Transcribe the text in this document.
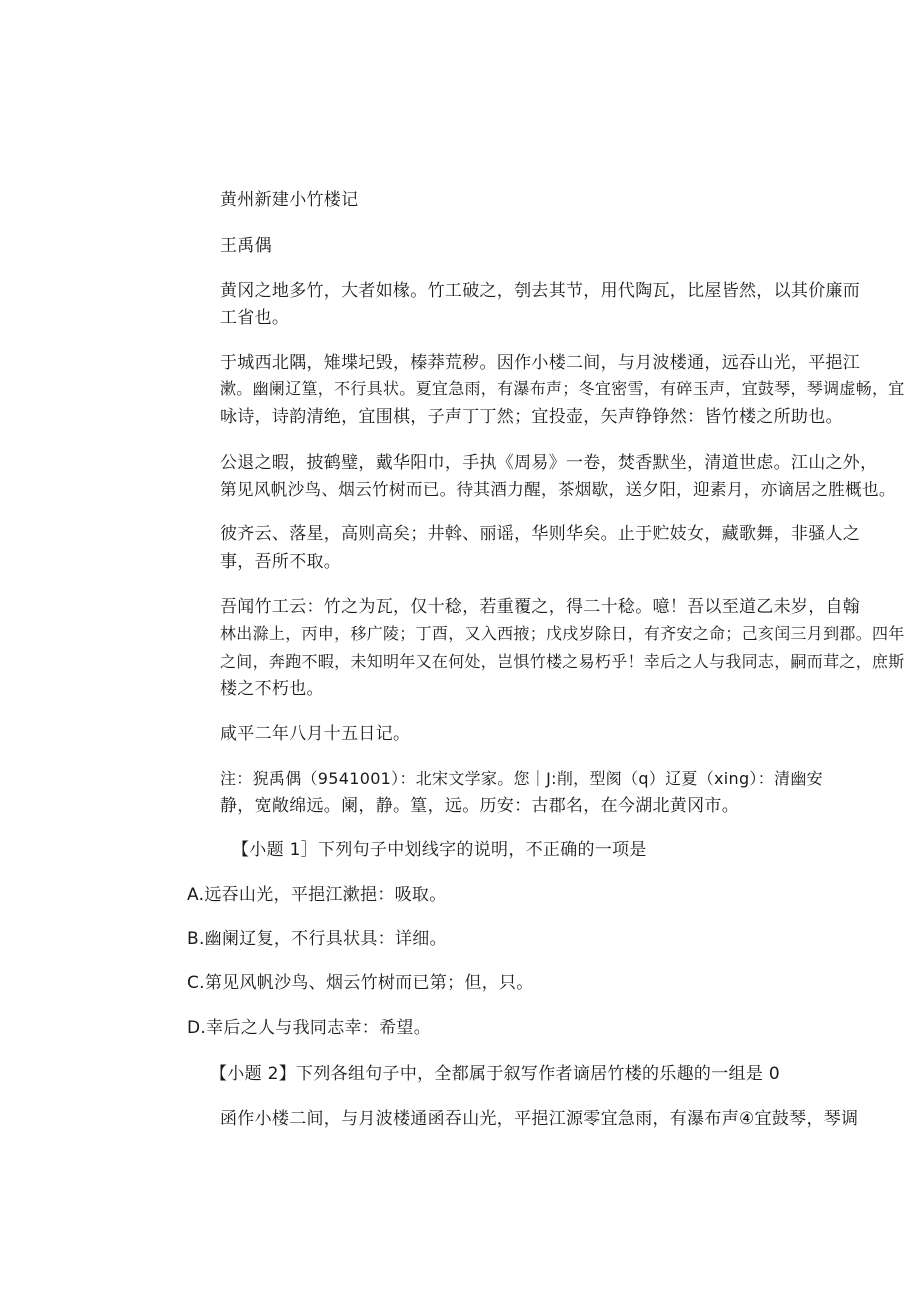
黄州新建小竹楼记
王禹偶
黄冈之地多竹，大者如椽。竹工破之，刳去其节，用代陶瓦，比屋皆然，以其价廉而
工省也。
于城西北隅，雉堞圮毁，榛莽荒秽。因作小楼二间，与月波楼通，远吞山光，平挹江
漱。幽阑辽篁，不行具状。夏宜急雨，有瀑布声；冬宜密雪，有碎玉声，宜鼓琴，琴调虚畅，宜
咏诗，诗韵清绝，宜围棋，子声丁丁然；宜投壶，矢声铮铮然：皆竹楼之所助也。
公退之暇，披鹤璧，戴华阳巾，手执《周易》一卷，焚香默坐，清道世虑。江山之外，
第见风帆沙鸟、烟云竹树而已。待其酒力醒，茶烟歇，送夕阳，迎素月，亦谪居之胜概也。
彼齐云、落星，高则高矣；井斡、丽谣，华则华矣。止于贮妓女，藏歌舞，非骚人之
事，吾所不取。
吾闻竹工云：竹之为瓦，仅十稔，若重覆之，得二十稔。噫！吾以至道乙未岁，自翰
林出滁上，丙申，移广陵；丁酉，又入西掖；戊戌岁除日，有齐安之命；己亥闰三月到郡。四年
之间，奔跑不暇，未知明年又在何处，岂惧竹楼之易朽乎！幸后之人与我同志，嗣而茸之，庶斯
楼之不朽也。
咸平二年八月十五日记。
注：猊禹偶（9541001）：北宋文学家。您｜J:削，型阂（q）辽夏（xing）：清幽安
静，宽敞绵远。阑，静。篁，远。历安：古郡名，在今湖北黄冈市。
【小题 1］下列句子中划线字的说明，不正确的一项是
A.远吞山光，平挹江漱挹：吸取。
B.幽阑辽复，不行具状具：详细。
C.第见风帆沙鸟、烟云竹树而已第；但，只。
D.幸后之人与我同志幸：希望。
【小题 2】下列各组句子中，全都属于叙写作者谪居竹楼的乐趣的一组是 0
函作小楼二间，与月波楼通函吞山光，平挹江源零宜急雨，有瀑布声④宜鼓琴，琴调
